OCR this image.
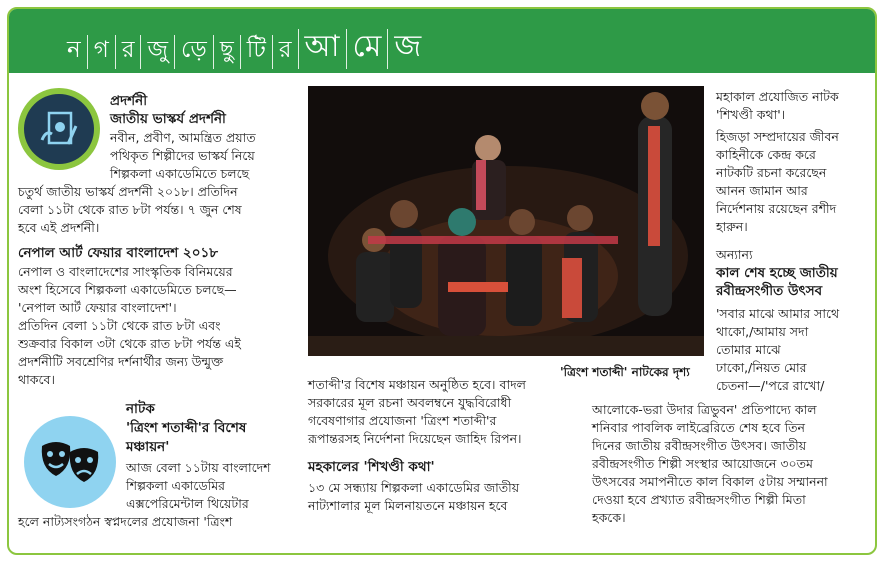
ন গ র জু ড়ে ছু টি র আ মে জ
প্রদর্শনী
জাতীয় ভাস্কর্য প্রদর্শনী
নবীন, প্রবীণ, আমন্ত্রিত প্রয়াত
পথিকৃত শিল্পীদের ভাস্কর্য নিয়ে
শিল্পকলা একাডেমিতে চলছে
চতুর্থ জাতীয় ভাস্কর্য প্রদর্শনী ২০১৮। প্রতিদিন
বেলা ১১টা থেকে রাত ৮টা পর্যন্ত। ৭ জুন শেষ
হবে এই প্রদর্শনী।
নেপাল আর্ট ফেয়ার বাংলাদেশ ২০১৮
নেপাল ও বাংলাদেশের সাংস্কৃতিক বিনিময়ের
অংশ হিসেবে শিল্পকলা একাডেমিতে চলছে—
'নেপাল আর্ট ফেয়ার বাংলাদেশ'।
প্রতিদিন বেলা ১১টা থেকে রাত ৮টা এবং
শুক্রবার বিকাল ৩টা থেকে রাত ৮টা পর্যন্ত এই
প্রদর্শনীটি সবশ্রেণির দর্শনার্থীর জন্য উন্মুক্ত
থাকবে।
নাটক
'ত্রিংশ শতাব্দী'র বিশেষ
মঞ্চায়ন'
আজ বেলা ১১টায় বাংলাদেশ
শিল্পকলা একাডেমির
এক্সপেরিমেন্টাল থিয়েটার
হলে নাট্যসংগঠন স্বপ্নদলের প্রযোজনা 'ত্রিংশ
'ত্রিংশ শতাব্দী' নাটকের দৃশ্য
শতাব্দী'র বিশেষ মঞ্চায়ন অনুষ্ঠিত হবে। বাদল
সরকারের মূল রচনা অবলম্বনে যুদ্ধবিরোধী
গবেষণাগার প্রযোজনা 'ত্রিংশ শতাব্দী'র
রূপান্তরসহ নির্দেশনা দিয়েছেন জাহিদ রিপন।
মহকালের 'শিখণ্ডী কথা'
১৩ মে সন্ধ্যায় শিল্পকলা একাডেমির জাতীয়
নাট্যশালার মূল মিলনায়তনে মঞ্চায়ন হবে
মহাকাল প্রযোজিত নাটক
'শিখণ্ডী কথা'।
হিজড়া সম্প্রদায়ের জীবন
কাহিনীকে কেন্দ্র করে
নাটকটি রচনা করেছেন
আনন জামান আর
নির্দেশনায় রয়েছেন রশীদ
হারুন।
অন্যান্য
কাল শেষ হচ্ছে জাতীয়
রবীন্দ্রসংগীত উৎসব
'সবার মাঝে আমার সাথে
থাকো,/আমায় সদা
তোমার মাঝে
ঢাকো,/নিয়ত মোর
চেতনা—/'পরে রাখো/
আলোকে-ভরা উদার ত্রিভুবন' প্রতিপাদ্যে কাল
শনিবার পাবলিক লাইব্রেরিতে শেষ হবে তিন
দিনের জাতীয় রবীন্দ্রসংগীত উৎসব। জাতীয়
রবীন্দ্রসংগীত শিল্পী সংস্থার আয়োজনে ৩০তম
উৎসবের সমাপনীতে কাল বিকাল ৫টায় সম্মাননা
দেওয়া হবে প্রখ্যাত রবীন্দ্রসংগীত শিল্পী মিতা
হককে।
